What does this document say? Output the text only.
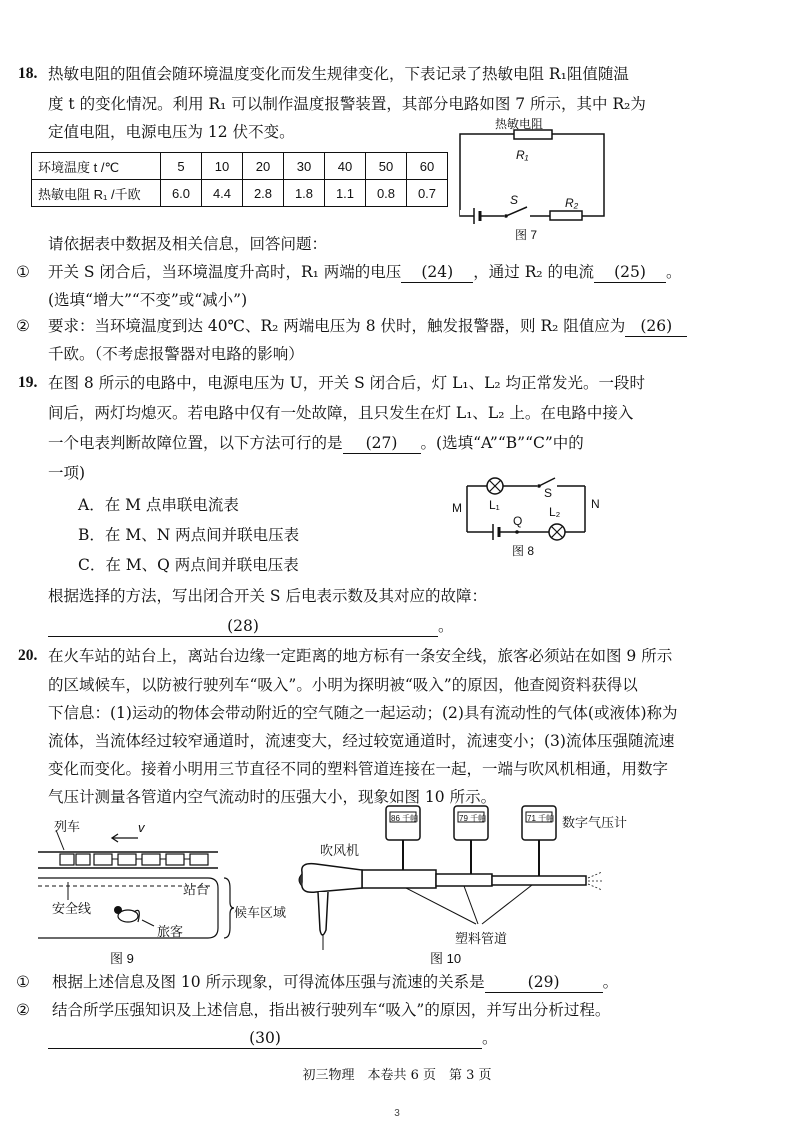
18. 热敏电阻的阻值会随环境温度变化而发生规律变化，下表记录了热敏电阻 R₁阻值随温
度 t 的变化情况。利用 R₁ 可以制作温度报警装置，其部分电路如图 7 所示，其中 R₂为
定值电阻，电源电压为 12 伏不变。
环境温度 t /℃	5	10	20	30	40	50	60
热敏电阻 R₁ /千欧	6.0	4.4	2.8	1.8	1.1	0.8	0.7
热敏电阻
R₁
S	R₂
图 7
请依据表中数据及相关信息，回答问题：
① 开关 S 闭合后，当环境温度升高时，R₁ 两端的电压 (24) ，通过 R₂ 的电流 (25) 。
(选填“增大”“不变”或“减小”)
② 要求：当环境温度到达 40℃、R₂ 两端电压为 8 伏时，触发报警器，则 R₂ 阻值应为 (26)
千欧。（不考虑报警器对电路的影响）
19. 在图 8 所示的电路中，电源电压为 U，开关 S 闭合后，灯 L₁、L₂ 均正常发光。一段时
间后，两灯均熄灭。若电路中仅有一处故障，且只发生在灯 L₁、L₂ 上。在电路中接入
一个电表判断故障位置，以下方法可行的是 (27) 。(选填“A”“B”“C”中的
一项)
A．在 M 点串联电流表
B．在 M、N 两点间并联电压表
C．在 M、Q 两点间并联电压表
M	N
S
L₁	L₂
Q
图 8
根据选择的方法，写出闭合开关 S 后电表示数及其对应的故障：
(28)	。
20. 在火车站的站台上，离站台边缘一定距离的地方标有一条安全线，旅客必须站在如图 9 所示
的区域候车，以防被行驶列车“吸入”。小明为探明被“吸入”的原因，他查阅资料获得以
下信息：(1)运动的物体会带动附近的空气随之一起运动；(2)具有流动性的气体(或液体)称为
流体，当流体经过较窄通道时，流速变大，经过较宽通道时，流速变小；(3)流体压强随流速
变化而变化。接着小明用三节直径不同的塑料管道连接在一起，一端与吹风机相通，用数字
气压计测量各管道内空气流动时的压强大小，现象如图 10 所示。
列车	v
站台
安全线
旅客
候车区域
图 9
86 千帕	79 千帕	71 千帕 数字气压计
吹风机
塑料管道
图 10
① 根据上述信息及图 10 所示现象，可得流体压强与流速的关系是	(29)	。
② 结合所学压强知识及上述信息，指出被行驶列车“吸入”的原因，并写出分析过程。
(30)	。
初三物理　本卷共 6 页　第 3 页
3
